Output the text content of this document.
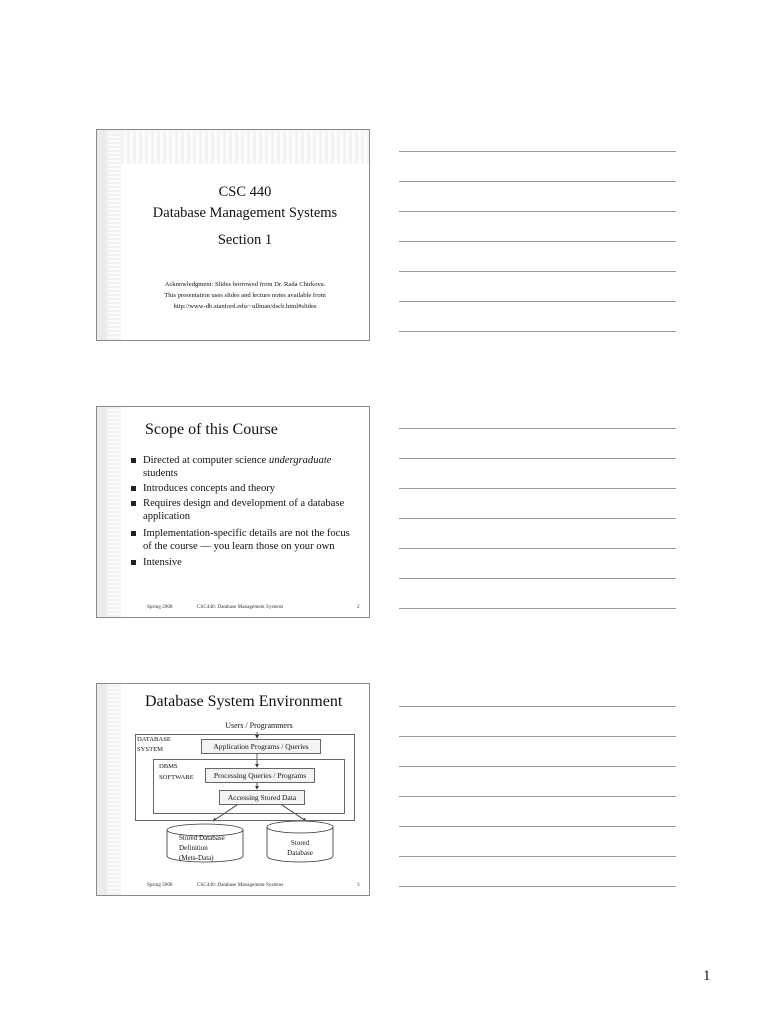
CSC 440
Database Management Systems
Section 1
Acknowledgment: Slides borrowed from Dr. Rada Chirkova.
This presentation uses slides and lecture notes available from
http://www-db.stanford.edu/~ullman/dscb.html#slides
Scope of this Course
Directed at computer science undergraduate
students
Introduces concepts and theory
Requires design and development of a database
application
Implementation-specific details are not the focus
of the course — you learn those on your own
Intensive
Spring 2008	CSC440: Database Management Systems	2
Database System Environment
Users / Programmers
DATABASE
SYSTEM	Application Programs / Queries
DBMS
SOFTWARE	Processing Queries / Programs
Accessing Stored Data
Stored Database
Definition
(Meta-Data)
Stored
Database
Spring 2008	CSC440: Database Management Systems	3
1
